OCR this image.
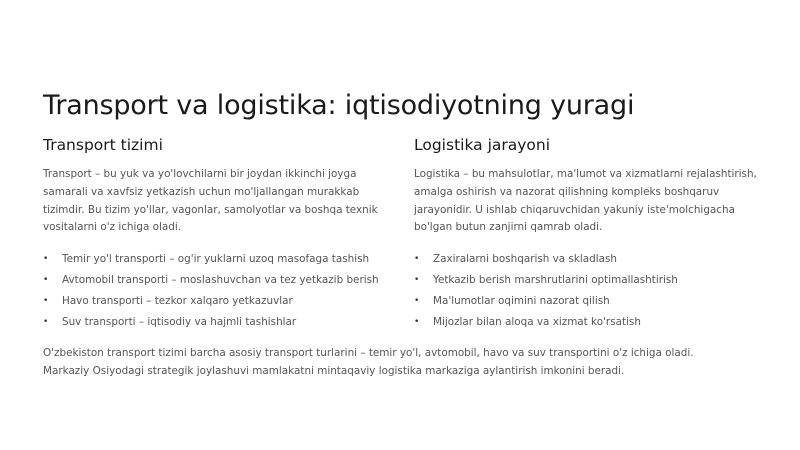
Transport va logistika: iqtisodiyotning yuragi
Transport tizimi

Transport – bu yuk va yo'lovchilarni bir joydan ikkinchi joyga samarali va xavfsiz yetkazish uchun mo'ljallangan murakkab tizimdir. Bu tizim yo'llar, vagonlar, samolyotlar va boshqa texnik vositalarni o'z ichiga oladi.

• Temir yo'l transporti – og'ir yuklarni uzoq masofaga tashish
• Avtomobil transporti – moslashuvchan va tez yetkazib berish
• Havo transporti – tezkor xalqaro yetkazuvlar
• Suv transporti – iqtisodiy va hajmli tashishlar
Logistika jarayoni

Logistika – bu mahsulotlar, ma'lumot va xizmatlarni rejalashtirish, amalga oshirish va nazorat qilishning kompleks boshqaruv jarayonidir. U ishlab chiqaruvchidan yakuniy iste'molchigacha bo'lgan butun zanjirni qamrab oladi.

• Zaxiralarni boshqarish va skladlash
• Yetkazib berish marshrutlarini optimallashtirish
• Ma'lumotlar oqimini nazorat qilish
• Mijozlar bilan aloqa va xizmat ko'rsatish

O'zbekiston transport tizimi barcha asosiy transport turlarini – temir yo'l, avtomobil, havo va suv transportini o'z ichiga oladi. Markaziy Osiyodagi strategik joylashuvi mamlakatni mintaqaviy logistika markaziga aylantirish imkonini beradi.
